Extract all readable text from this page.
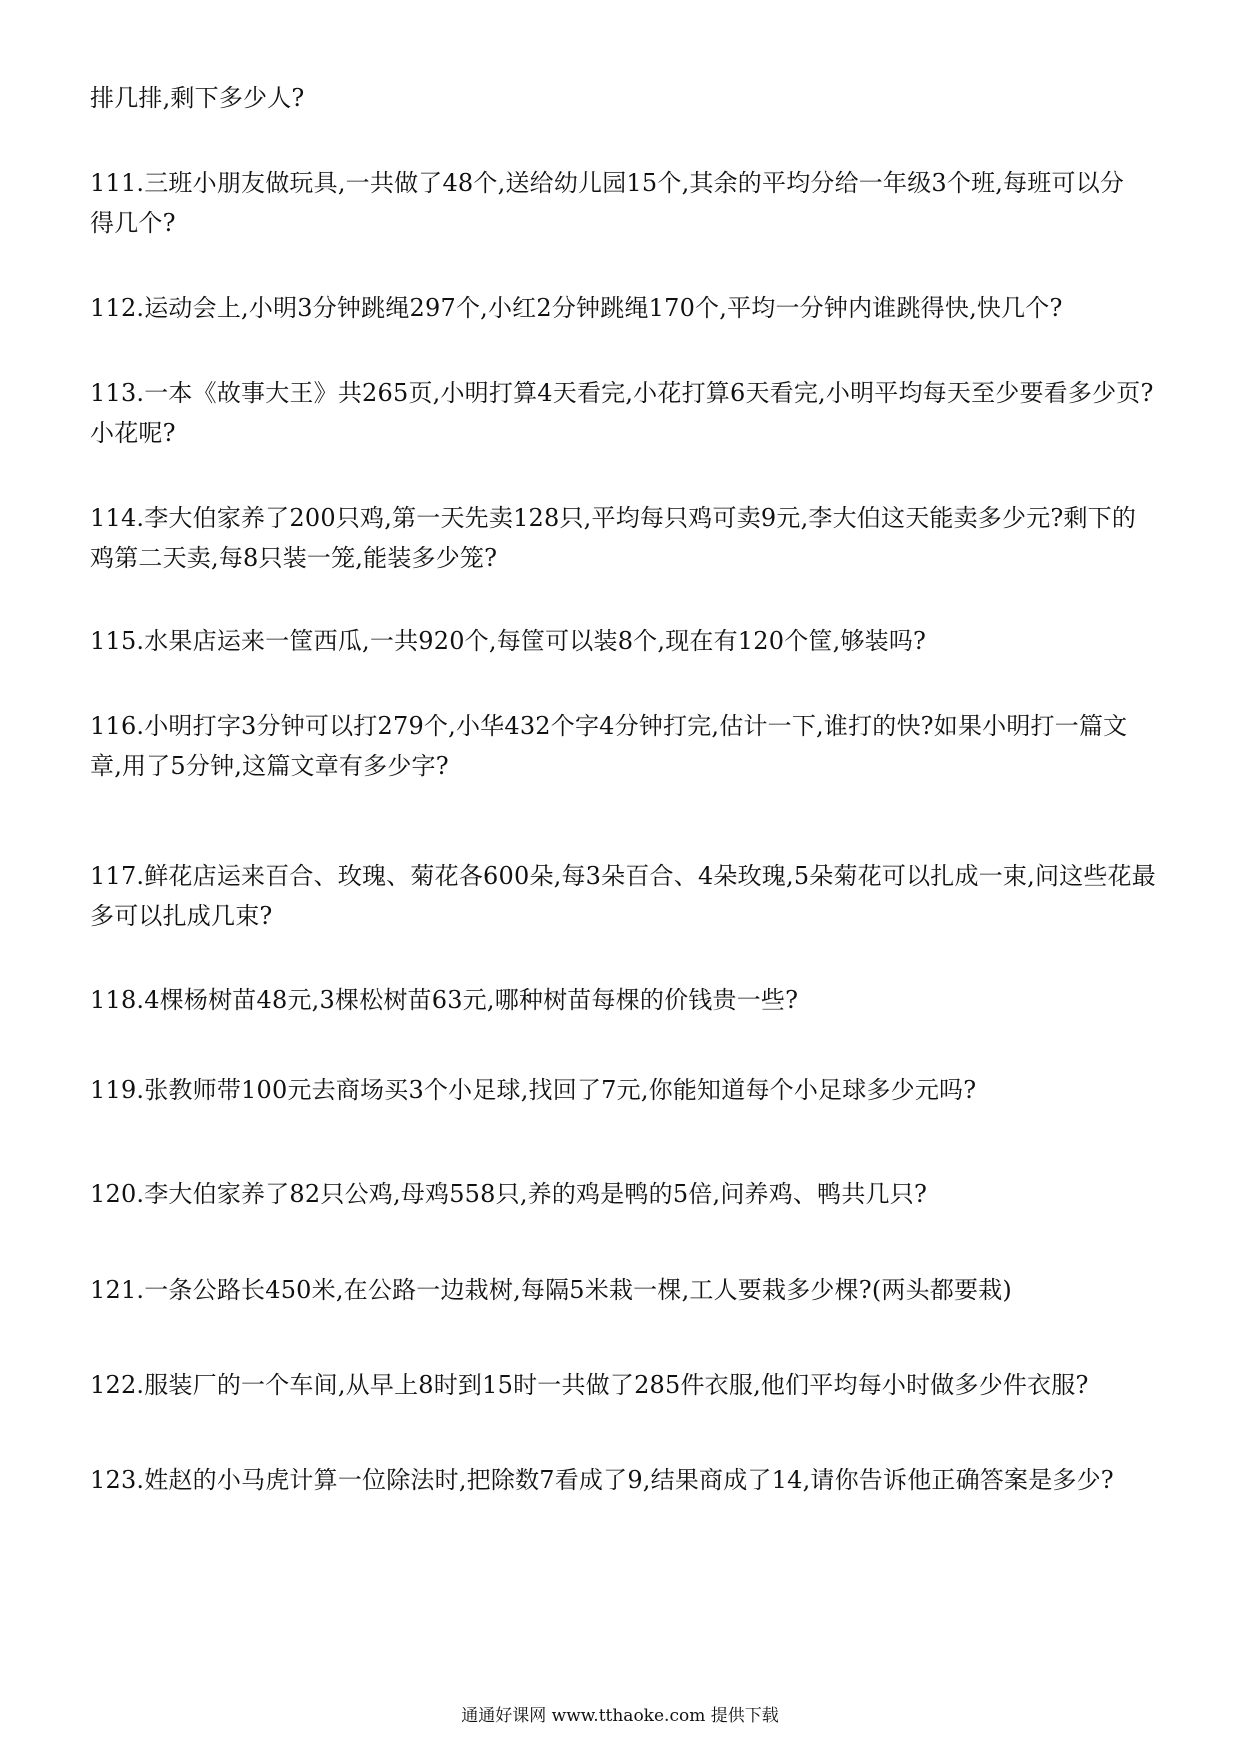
排几排,剩下多少人?
111.三班小朋友做玩具,一共做了48个,送给幼儿园15个,其余的平均分给一年级3个班,每班可以分
得几个?
112.运动会上,小明3分钟跳绳297个,小红2分钟跳绳170个,平均一分钟内谁跳得快,快几个?
113.一本《故事大王》共265页,小明打算4天看完,小花打算6天看完,小明平均每天至少要看多少页?
小花呢?
114.李大伯家养了200只鸡,第一天先卖128只,平均每只鸡可卖9元,李大伯这天能卖多少元?剩下的
鸡第二天卖,每8只装一笼,能装多少笼?
115.水果店运来一筐西瓜,一共920个,每筐可以装8个,现在有120个筐,够装吗?
116.小明打字3分钟可以打279个,小华432个字4分钟打完,估计一下,谁打的快?如果小明打一篇文
章,用了5分钟,这篇文章有多少字?
117.鲜花店运来百合、玫瑰、菊花各600朵,每3朵百合、4朵玫瑰,5朵菊花可以扎成一束,问这些花最
多可以扎成几束?
118.4棵杨树苗48元,3棵松树苗63元,哪种树苗每棵的价钱贵一些?
119.张教师带100元去商场买3个小足球,找回了7元,你能知道每个小足球多少元吗?
120.李大伯家养了82只公鸡,母鸡558只,养的鸡是鸭的5倍,问养鸡、鸭共几只?
121.一条公路长450米,在公路一边栽树,每隔5米栽一棵,工人要栽多少棵?(两头都要栽)
122.服装厂的一个车间,从早上8时到15时一共做了285件衣服,他们平均每小时做多少件衣服?
123.姓赵的小马虎计算一位除法时,把除数7看成了9,结果商成了14,请你告诉他正确答案是多少?
通通好课网 www.tthaoke.com 提供下载
